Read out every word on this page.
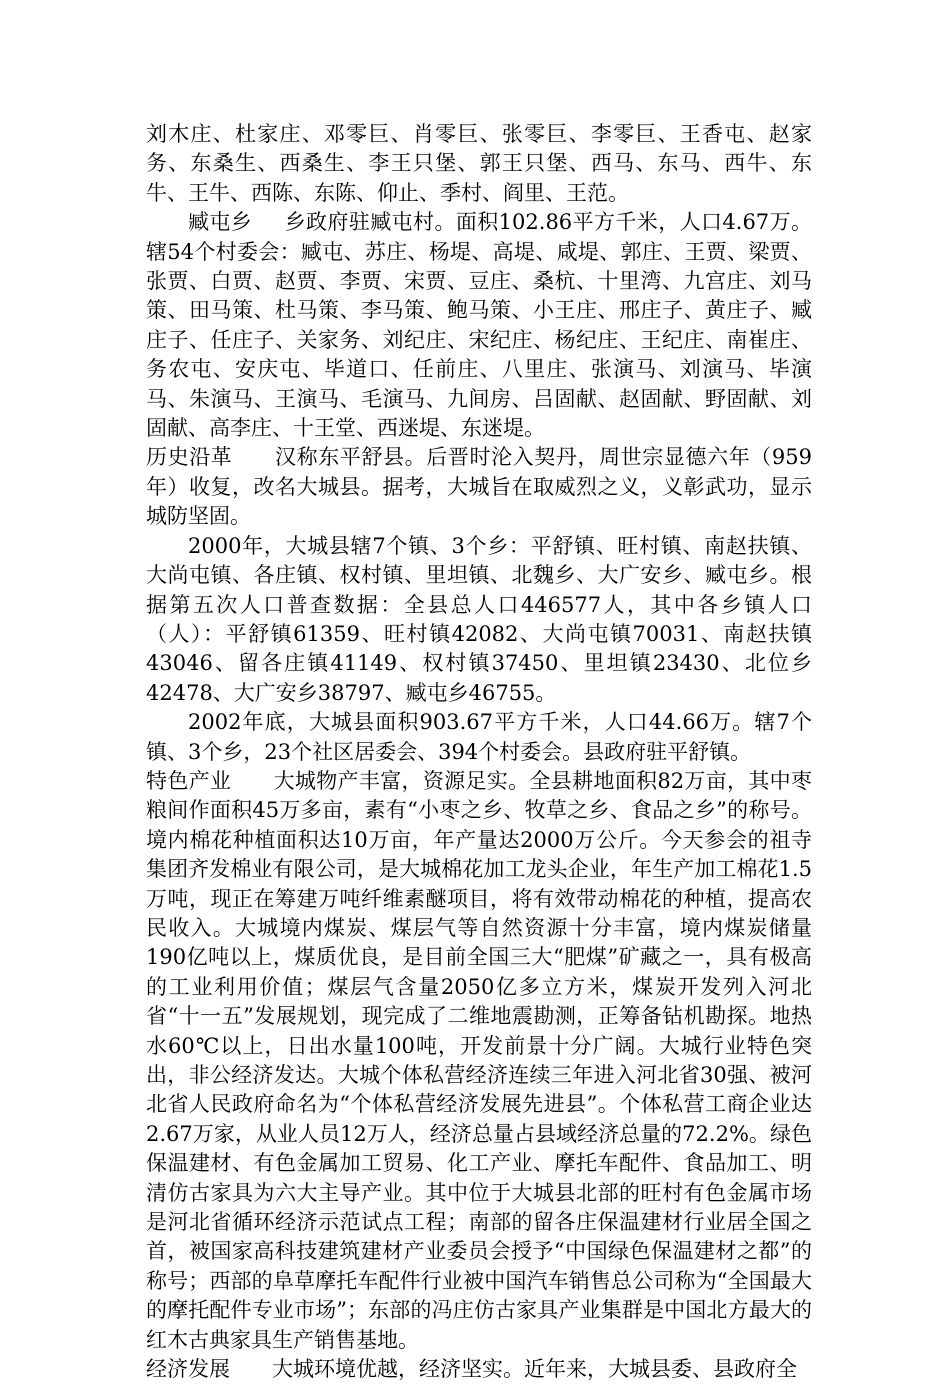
刘木庄、杜家庄、邓零巨、肖零巨、张零巨、李零巨、王香屯、赵家务、东桑生、西桑生、李王只堡、郭王只堡、西马、东马、西牛、东牛、王牛、西陈、东陈、仰止、季村、阎里、王范。

臧屯乡 乡政府驻臧屯村。面积102.86平方千米，人口4.67万。辖54个村委会：臧屯、苏庄、杨堤、高堤、咸堤、郭庄、王贾、梁贾、张贾、白贾、赵贾、李贾、宋贾、豆庄、桑杭、十里湾、九宫庄、刘马策、田马策、杜马策、李马策、鲍马策、小王庄、邢庄子、黄庄子、臧庄子、任庄子、关家务、刘纪庄、宋纪庄、杨纪庄、王纪庄、南崔庄、务农屯、安庆屯、毕道口、任前庄、八里庄、张演马、刘演马、毕演马、朱演马、王演马、毛演马、九间房、吕固献、赵固献、野固献、刘固献、高李庄、十王堂、西迷堤、东迷堤。

历史沿革 汉称东平舒县。后晋时沦入契丹，周世宗显德六年（959年）收复，改名大城县。据考，大城旨在取威烈之义，义彰武功，显示城防坚固。

2000年，大城县辖7个镇、3个乡：平舒镇、旺村镇、南赵扶镇、大尚屯镇、各庄镇、权村镇、里坦镇、北魏乡、大广安乡、臧屯乡。根据第五次人口普查数据：全县总人口446577人，其中各乡镇人口（人）：平舒镇61359、旺村镇42082、大尚屯镇70031、南赵扶镇43046、留各庄镇41149、权村镇37450、里坦镇23430、北位乡42478、大广安乡38797、臧屯乡46755。

2002年底，大城县面积903.67平方千米，人口44.66万。辖7个镇、3个乡，23个社区居委会、394个村委会。县政府驻平舒镇。

特色产业 大城物产丰富，资源足实。全县耕地面积82万亩，其中枣粮间作面积45万多亩，素有“小枣之乡、牧草之乡、食品之乡”的称号。境内棉花种植面积达10万亩，年产量达2000万公斤。今天参会的祖寺集团齐发棉业有限公司，是大城棉花加工龙头企业，年生产加工棉花1.5万吨，现正在筹建万吨纤维素醚项目，将有效带动棉花的种植，提高农民收入。大城境内煤炭、煤层气等自然资源十分丰富，境内煤炭储量190亿吨以上，煤质优良，是目前全国三大“肥煤”矿藏之一，具有极高的工业利用价值；煤层气含量2050亿多立方米，煤炭开发列入河北省“十一五”发展规划，现完成了二维地震勘测，正筹备钻机勘探。地热水60℃以上，日出水量100吨，开发前景十分广阔。大城行业特色突出，非公经济发达。大城个体私营经济连续三年进入河北省30强、被河北省人民政府命名为“个体私营经济发展先进县”。个体私营工商企业达2.67万家，从业人员12万人，经济总量占县域经济总量的72.2%。绿色保温建材、有色金属加工贸易、化工产业、摩托车配件、食品加工、明清仿古家具为六大主导产业。其中位于大城县北部的旺村有色金属市场是河北省循环经济示范试点工程；南部的留各庄保温建材行业居全国之首，被国家高科技建筑建材产业委员会授予“中国绿色保温建材之都”的称号；西部的阜草摩托车配件行业被中国汽车销售总公司称为“全国最大的摩托配件专业市场”；东部的冯庄仿古家具产业集群是中国北方最大的红木古典家具生产销售基地。

经济发展 大城环境优越，经济坚实。近年来，大城县委、县政府全
